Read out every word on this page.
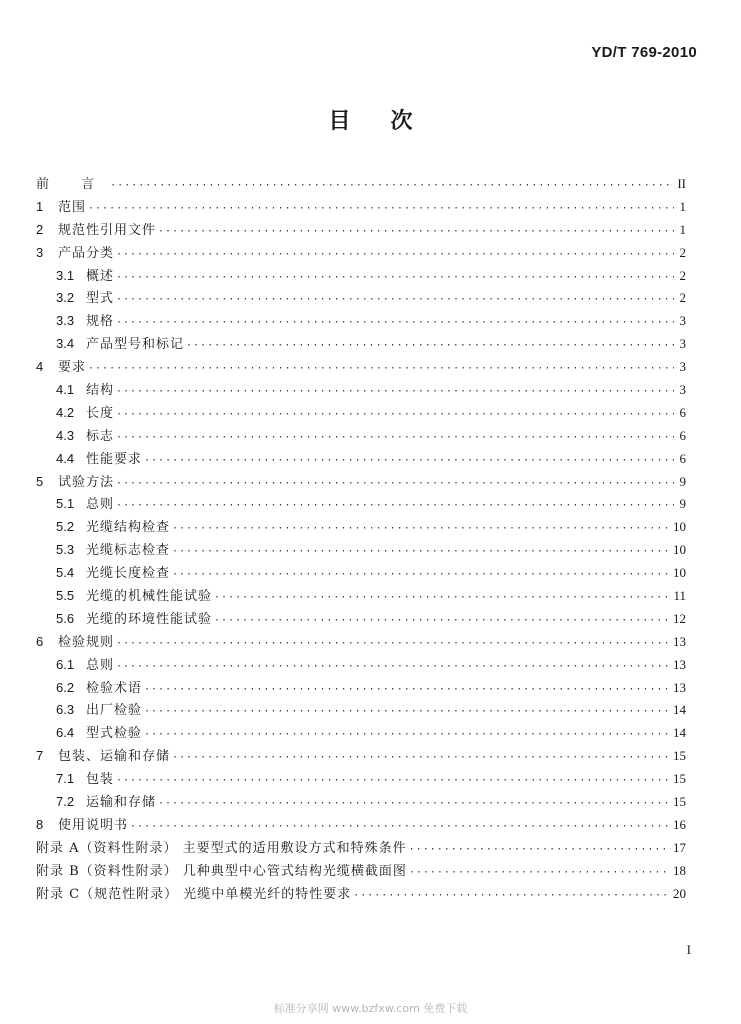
YD/T 769-2010
目 次
前 言 ·····	II
1	范围 ·····	1
2	规范性引用文件 ·····	1
3	产品分类 ·····	2
3.1 概述 ·····	2
3.2 型式 ·····	2
3.3 规格 ·····	3
3.4 产品型号和标记 ·····	3
4	要求 ·····	3
4.1 结构 ·····	3
4.2 长度 ·····	6
4.3 标志 ·····	6
4.4 性能要求 ·····	6
5	试验方法 ·····	9
5.1 总则 ·····	9
5.2 光缆结构检查 ·····	10
5.3 光缆标志检查 ·····	10
5.4 光缆长度检查 ·····	10
5.5 光缆的机械性能试验 ·····	11
5.6 光缆的环境性能试验 ·····	12
6	检验规则 ·····	13
6.1 总则 ·····	13
6.2 检验术语 ·····	13
6.3 出厂检验 ·····	14
6.4 型式检验 ·····	14
7	包装、运输和存储 ·····	15
7.1 包装 ·····	15
7.2 运输和存储 ·····	15
8	使用说明书 ·····	16
附录 A（资料性附录） 主要型式的适用敷设方式和特殊条件 ·····	17
附录 B（资料性附录） 几种典型中心管式结构光缆横截面图 ·····	18
附录 C（规范性附录） 光缆中单模光纤的特性要求 ·····	20
I
标准分享网 www.bzfxw.com 免费下载
